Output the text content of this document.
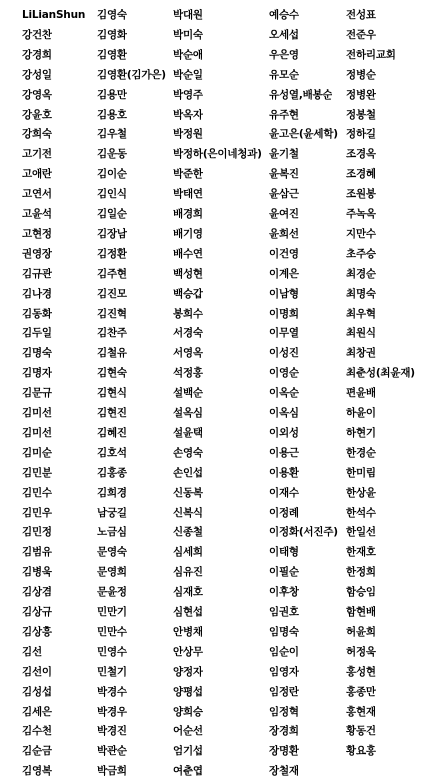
LiLianShun 김영숙	박대원	예승수	전성표
강건찬	김영화	박미숙	오세섭	전준우
강경희	김영환	박순애	우은영	전하리교회
강성일	김영환(김가은) 박순일	유모순	정병순
강영옥	김용만	박영주	유성열,배봉순 정병완
강윤호	김용호	박옥자	유주현	정봉철
강희숙	김우철	박정원	윤고은(윤세학) 정하길
고기전	김운동	박정하(은이네청과) 윤기철	조경옥
고애란	김이순	박준한	윤복진	조경혜
고연서	김인식	박태연	윤삼근	조원봉
고윤석	김일순	배경희	윤여진	주녹옥
고현정	김장남	배기영	윤희선	지만수
권영장	김정환	배수연	이건영	초주승
김규관	김주현	백성현	이계은	최경순
김나경	김진모	백승갑	이남형	최명숙
김동화	김진혁	봉희수	이명희	최우혁
김두일	김찬주	서경숙	이무열	최원식
김명숙	김철유	서영옥	이성진	최창권
김명자	김현숙	석정홍	이영순	최춘성(최윤재)
김문규	김현식	설백순	이옥순	편윤배
김미선	김현진	설옥심	이옥심	하윤이
김미선	김혜진	설윤택	이외성	하현기
김미순	김호석	손영숙	이용근	한경순
김민분	김홍종	손인섭	이용환	한미림
김민수	김희경	신동복	이재수	한상윤
김민우	남궁길	신복식	이정례	한석수
김민정	노금심	신종철	이정화(서진주) 한일선
김범유	문영숙	심세희	이태형	한재호
김병욱	문영희	심유진	이필순	한정희
김상겸	문윤정	심재호	이후창	함승임
김상규	민만기	심현섭	임권호	함현배
김상흥	민만수	안병채	임명숙	허윤희
김선	민영수	안상무	임순이	허정욱
김선이	민철기	양정자	임영자	홍성현
김성섭	박경수	양평섭	임정란	홍종만
김세은	박경우	양희승	임정혁	홍현재
김수천	박경진	어순선	장경희	황동건
김순금	박관순	엄기섭	장명환	황요홍
김영복	박금희	여춘엽	장철재
